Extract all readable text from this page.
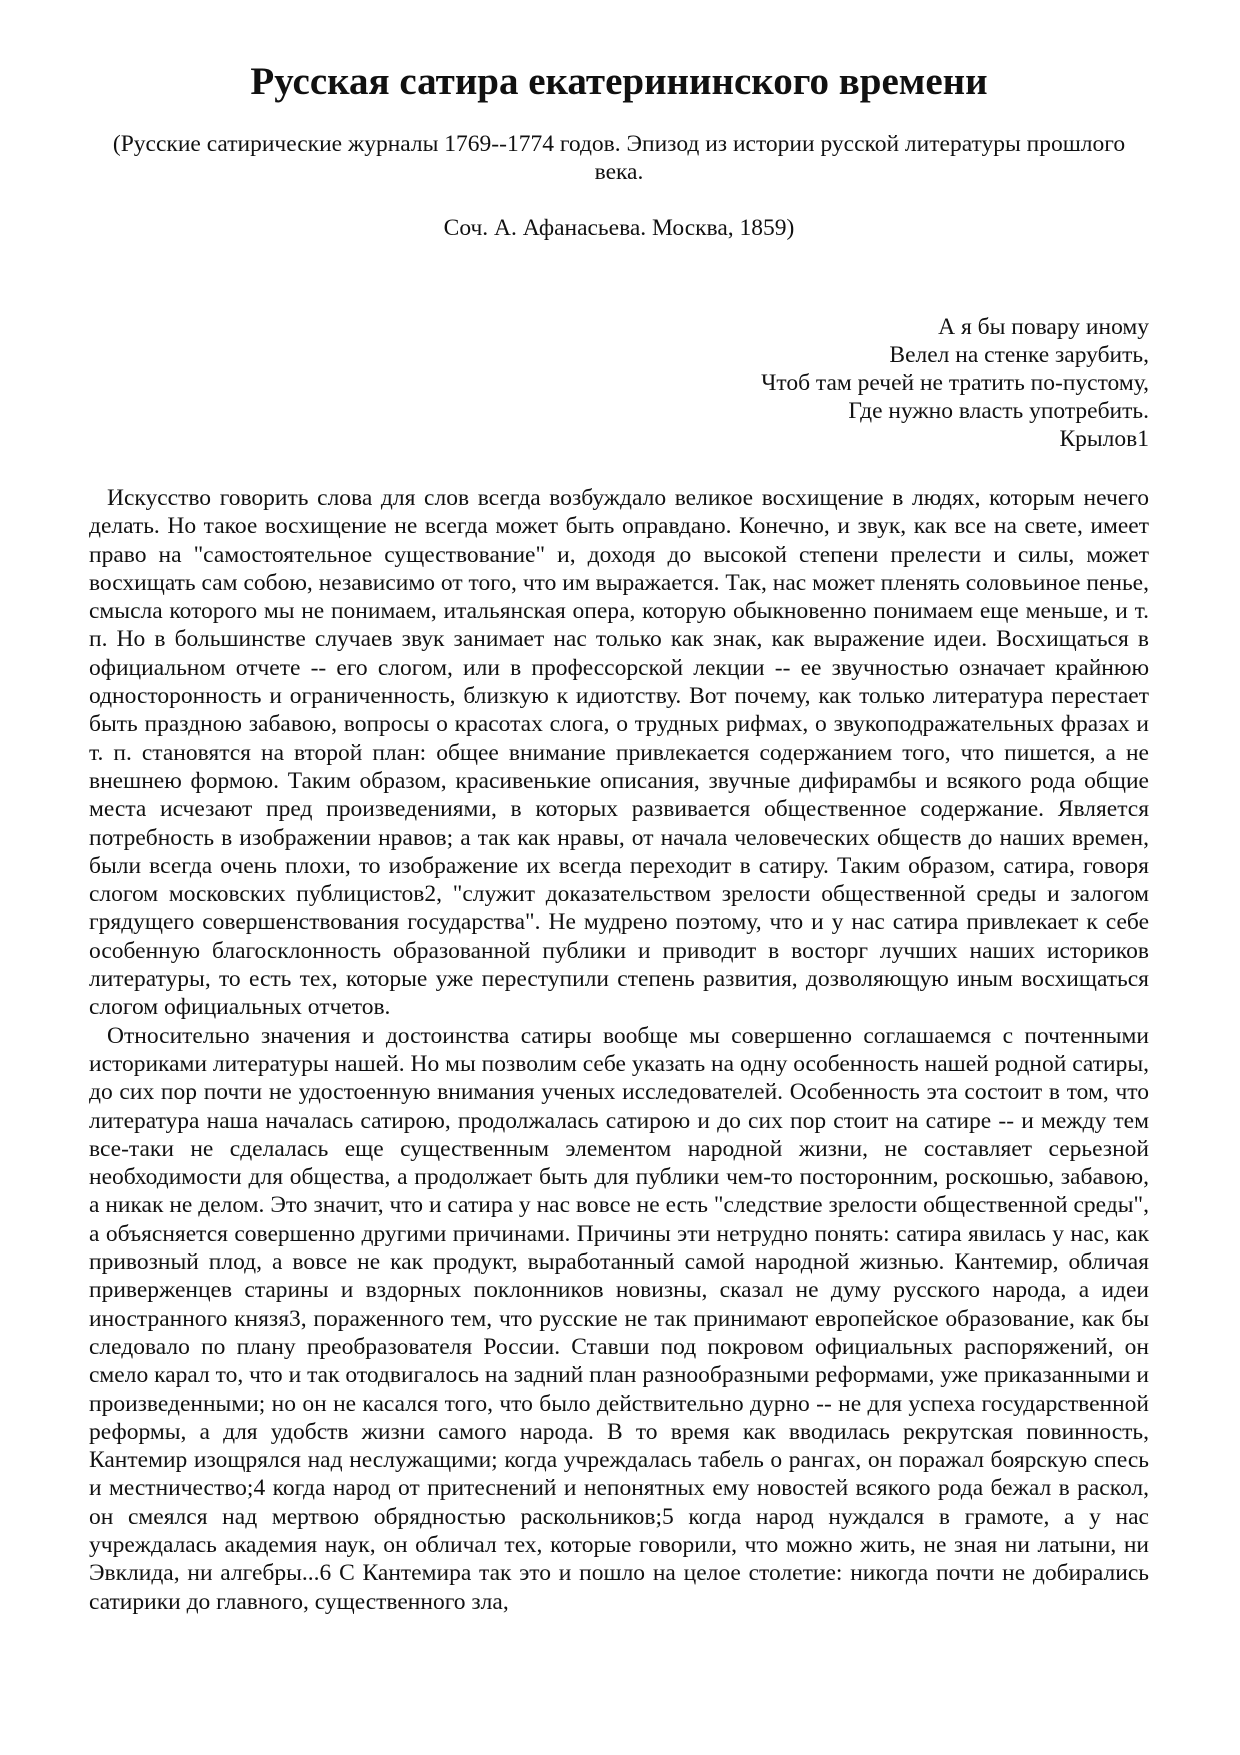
Русская сатира екатерининского времени
(Русские сатирические журналы 1769--1774 годов. Эпизод из истории русской литературы прошлого века.
Соч. А. Афанасьева. Москва, 1859)
А я бы повару иному
Велел на стенке зарубить,
Чтоб там речей не тратить по-пустому,
Где нужно власть употребить.
Крылов1

Искусство говорить слова для слов всегда возбуждало великое восхищение в людях, которым нечего делать. Но такое восхищение не всегда может быть оправдано. Конечно, и звук, как все на свете, имеет право на "самостоятельное существование" и, доходя до высокой степени прелести и силы, может восхищать сам собою, независимо от того, что им выражается. Так, нас может пленять соловьиное пенье, смысла которого мы не понимаем, итальянская опера, которую обыкновенно понимаем еще меньше, и т. п. Но в большинстве случаев звук занимает нас только как знак, как выражение идеи. Восхищаться в официальном отчете -- его слогом, или в профессорской лекции -- ее звучностью означает крайнюю односторонность и ограниченность, близкую к идиотству. Вот почему, как только литература перестает быть праздною забавою, вопросы о красотах слога, о трудных рифмах, о звукоподражательных фразах и т. п. становятся на второй план: общее внимание привлекается содержанием того, что пишется, а не внешнею формою. Таким образом, красивенькие описания, звучные дифирамбы и всякого рода общие места исчезают пред произведениями, в которых развивается общественное содержание. Является потребность в изображении нравов; а так как нравы, от начала человеческих обществ до наших времен, были всегда очень плохи, то изображение их всегда переходит в сатиру. Таким образом, сатира, говоря слогом московских публицистов2, "служит доказательством зрелости общественной среды и залогом грядущего совершенствования государства". Не мудрено поэтому, что и у нас сатира привлекает к себе особенную благосклонность образованной публики и приводит в восторг лучших наших историков литературы, то есть тех, которые уже переступили степень развития, дозволяющую иным восхищаться слогом официальных отчетов.

Относительно значения и достоинства сатиры вообще мы совершенно соглашаемся с почтенными историками литературы нашей. Но мы позволим себе указать на одну особенность нашей родной сатиры, до сих пор почти не удостоенную внимания ученых исследователей. Особенность эта состоит в том, что литература наша началась сатирою, продолжалась сатирою и до сих пор стоит на сатире -- и между тем все-таки не сделалась еще существенным элементом народной жизни, не составляет серьезной необходимости для общества, а продолжает быть для публики чем-то посторонним, роскошью, забавою, а никак не делом. Это значит, что и сатира у нас вовсе не есть "следствие зрелости общественной среды", а объясняется совершенно другими причинами. Причины эти нетрудно понять: сатира явилась у нас, как привозный плод, а вовсе не как продукт, выработанный самой народной жизнью. Кантемир, обличая приверженцев старины и вздорных поклонников новизны, сказал не думу русского народа, а идеи иностранного князя3, пораженного тем, что русские не так принимают европейское образование, как бы следовало по плану преобразователя России. Ставши под покровом официальных распоряжений, он смело карал то, что и так отодвигалось на задний план разнообразными реформами, уже приказанными и произведенными; но он не касался того, что было действительно дурно -- не для успеха государственной реформы, а для удобств жизни самого народа. В то время как вводилась рекрутская повинность, Кантемир изощрялся над неслужащими; когда учреждалась табель о рангах, он поражал боярскую спесь и местничество;4 когда народ от притеснений и непонятных ему новостей всякого рода бежал в раскол, он смеялся над мертвою обрядностью раскольников;5 когда народ нуждался в грамоте, а у нас учреждалась академия наук, он обличал тех, которые говорили, что можно жить, не зная ни латыни, ни Эвклида, ни алгебры...6 С Кантемира так это и пошло на целое столетие: никогда почти не добирались сатирики до главного, существенного зла,
